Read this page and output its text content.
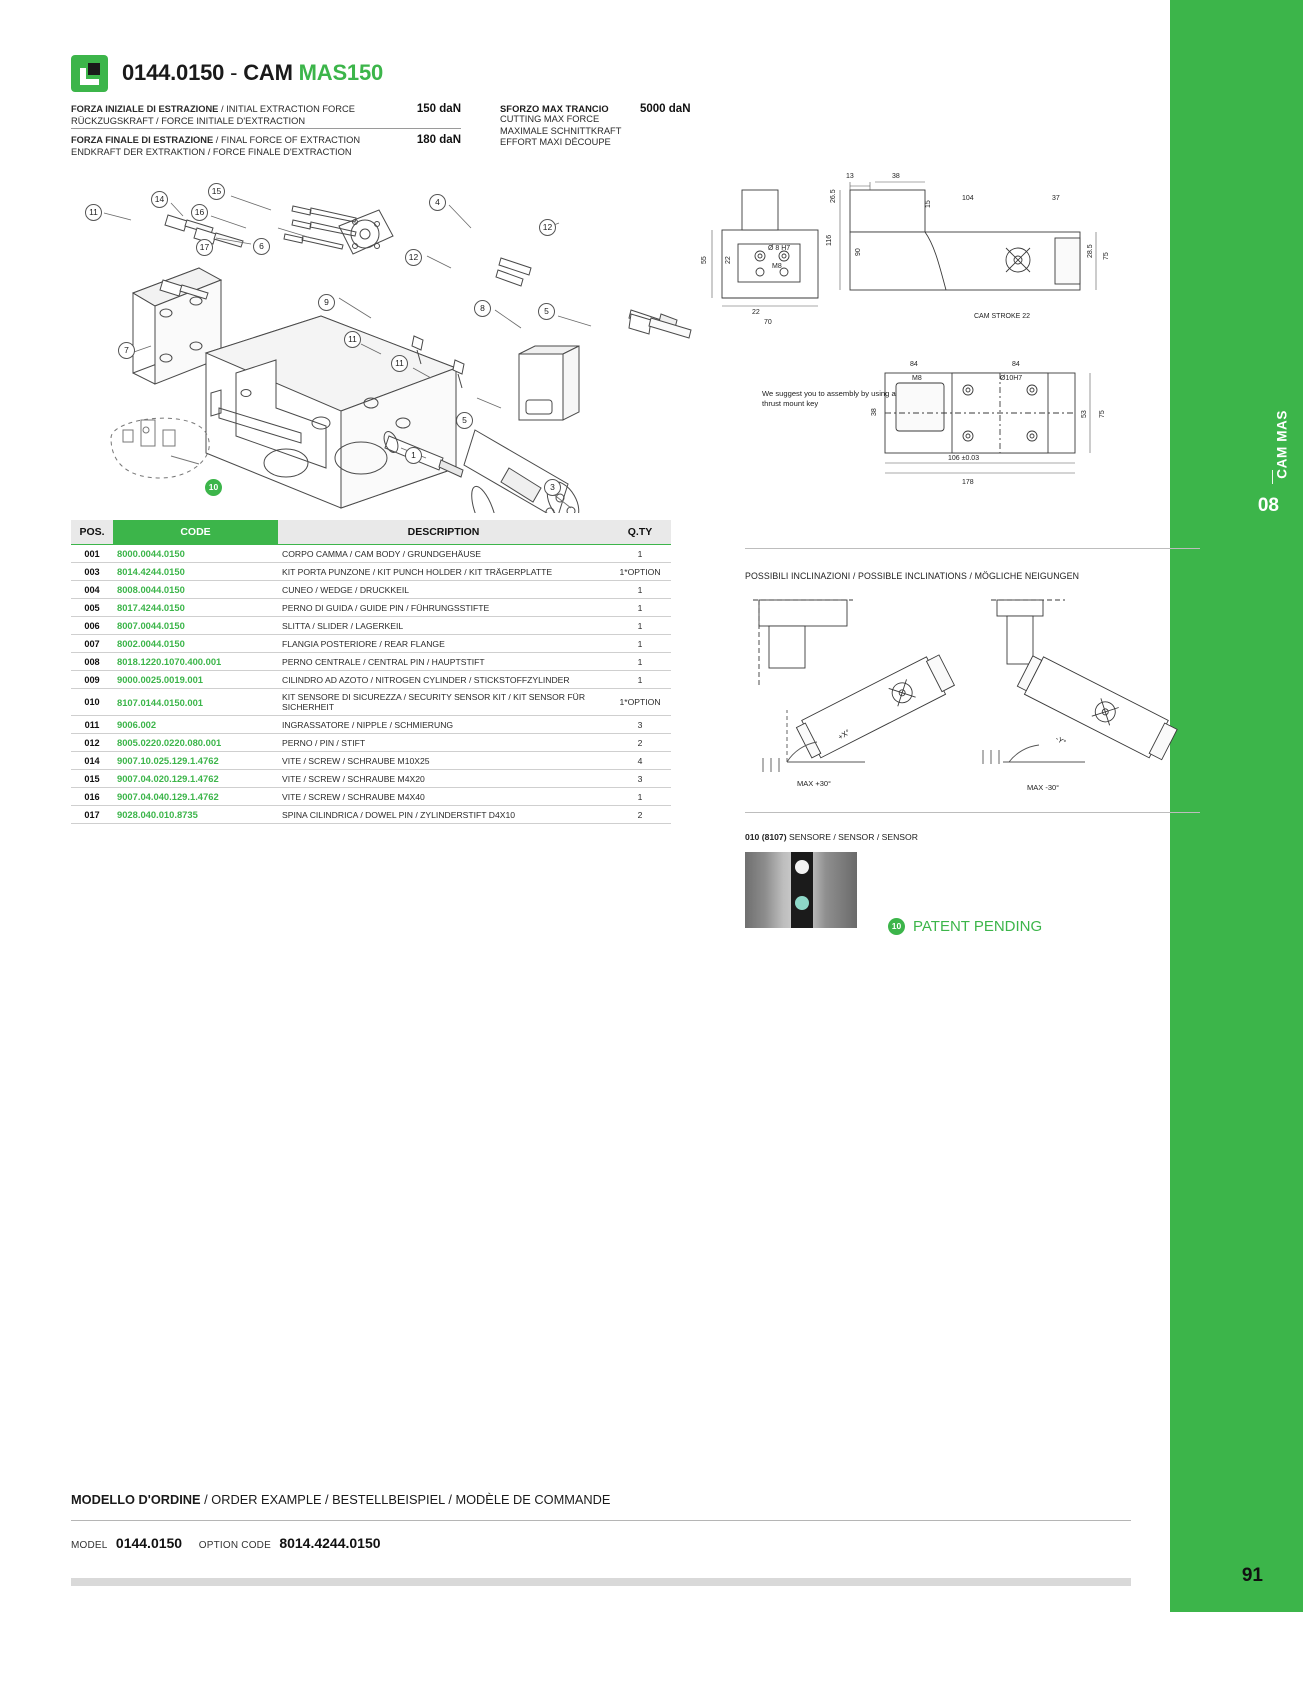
CAM MAS
08
0144.0150 - CAM MAS150
FORZA INIZIALE DI ESTRAZIONE / INITIAL EXTRACTION FORCE	150 daN
RÜCKZUGSKRAFT / FORCE INITIALE D'EXTRACTION
FORZA FINALE DI ESTRAZIONE / FINAL FORCE OF EXTRACTION	180 daN
ENDKRAFT DER EXTRAKTION / FORCE FINALE D'EXTRACTION
SFORZO MAX TRANCIO	5000 daN
CUTTING MAX FORCE
MAXIMALE SCHNITTKRAFT
EFFORT MAXI DÉCOUPE
11
14
15
16
17
4
12
6
9
12
8	5
7
11
11
5
1
3
10
POS.	CODE	DESCRIPTION	Q.TY
001	8000.0044.0150	CORPO CAMMA / CAM BODY / GRUNDGEHÄUSE	1
003	8014.4244.0150	KIT PORTA PUNZONE / KIT PUNCH HOLDER / KIT TRÄGERPLATTE	1*OPTION
004	8008.0044.0150	CUNEO / WEDGE / DRUCKKEIL	1
005	8017.4244.0150	PERNO DI GUIDA / GUIDE PIN / FÜHRUNGSSTIFTE	1
006	8007.0044.0150	SLITTA / SLIDER / LAGERKEIL	1
007	8002.0044.0150	FLANGIA POSTERIORE / REAR FLANGE	1
008	8018.1220.1070.400.001	PERNO CENTRALE / CENTRAL PIN / HAUPTSTIFT	1
009	9000.0025.0019.001	CILINDRO AD AZOTO / NITROGEN CYLINDER / STICKSTOFFZYLINDER	1
010	8107.0144.0150.001	KIT SENSORE DI SICUREZZA / SECURITY SENSOR KIT / KIT SENSOR FÜR SICHERHEIT	1*OPTION
011	9006.002	INGRASSATORE / NIPPLE / SCHMIERUNG	3
012	8005.0220.0220.080.001	PERNO / PIN / STIFT	2
014	9007.10.025.129.1.4762	VITE / SCREW / SCHRAUBE M10X25	4
015	9007.04.020.129.1.4762	VITE / SCREW / SCHRAUBE M4X20	3
016	9007.04.040.129.1.4762	VITE / SCREW / SCHRAUBE M4X40	1
017	9028.040.010.8735	SPINA CILINDRICA / DOWEL PIN / ZYLINDERSTIFT D4X10	2
13	38
104	37
15
116
90	28.5 75
26.5
55 22
22
70
Ø 8 H7
M8
CAM STROKE 22
84	84
M8	Ø10H7
38	53 75
106 ±0.03
178
We suggest you to assembly by using a thrust mount key
POSSIBILI INCLINAZIONI / POSSIBLE INCLINATIONS / MÖGLICHE NEIGUNGEN
+X°	-Y°
MAX +30°	MAX -30°
010 (8107) SENSORE / SENSOR / SENSOR
10 PATENT PENDING
MODELLO D'ORDINE / ORDER EXAMPLE / BESTELLBEISPIEL / MODÈLE DE COMMANDE
MODEL 0144.0150 OPTION CODE 8014.4244.0150
91
